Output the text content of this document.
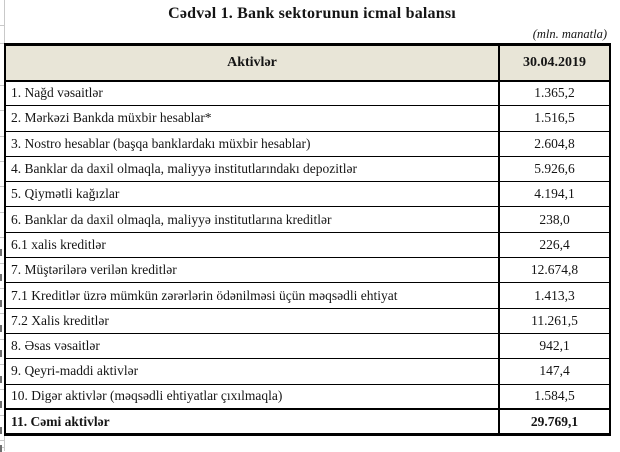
Cədvəl 1. Bank sektorunun icmal balansı
(mln. manatla)
Aktivlər	30.04.2019
1. Nağd vəsaitlər	1.365,2
2. Mərkəzi Bankda müxbir hesablar*	1.516,5
3. Nostro hesablar (başqa banklardakı müxbir hesablar)	2.604,8
4. Banklar da daxil olmaqla, maliyyə institutlarındakı depozitlər	5.926,6
5. Qiymətli kağızlar	4.194,1
6. Banklar da daxil olmaqla, maliyyə institutlarına kreditlər	238,0
6.1 xalis kreditlər	226,4
7. Müştərilərə verilən kreditlər	12.674,8
7.1 Kreditlər üzrə mümkün zərərlərin ödənilməsi üçün məqsədli ehtiyat	1.413,3
7.2 Xalis kreditlər	11.261,5
8. Əsas vəsaitlər	942,1
9. Qeyri-maddi aktivlər	147,4
10. Digər aktivlər (məqsədli ehtiyatlar çıxılmaqla)	1.584,5
11. Cəmi aktivlər	29.769,1
